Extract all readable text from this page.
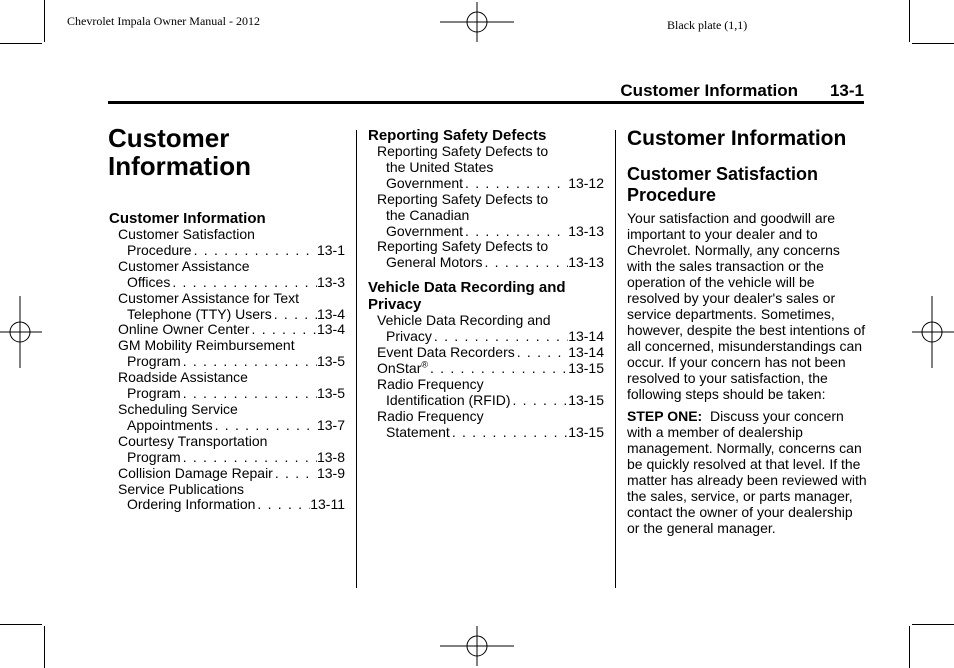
Chevrolet Impala Owner Manual - 2012	Black plate (1,1)
Customer Information 13-1
Customer
Information
Customer Information
Customer Satisfaction
Procedure . . .	13-1
Customer Assistance
Offices . . .	13-3
Customer Assistance for Text
Telephone (TTY) Users . . .	13-4
Online Owner Center . . .	13-4
GM Mobility Reimbursement
Program . . .	13-5
Roadside Assistance
Program . . .	13-5
Scheduling Service
Appointments . . .	13-7
Courtesy Transportation
Program . . .	13-8
Collision Damage Repair . . .	13-9
Service Publications
Ordering Information . . .	13-11
Reporting Safety Defects
Reporting Safety Defects to
the United States
Government . . .	13-12
Reporting Safety Defects to
the Canadian
Government . . .	13-13
Reporting Safety Defects to
General Motors . . .	13-13
Vehicle Data Recording and
Privacy
Vehicle Data Recording and
Privacy . . .	13-14
Event Data Recorders . . .	13-14
OnStar® . . .	13-15
Radio Frequency
Identification (RFID) . . .	13-15
Radio Frequency
Statement . . .	13-15
Customer Information
Customer Satisfaction
Procedure

Your satisfaction and goodwill are important to your dealer and to Chevrolet. Normally, any concerns with the sales transaction or the operation of the vehicle will be resolved by your dealer's sales or service departments. Sometimes, however, despite the best intentions of all concerned, misunderstandings can occur. If your concern has not been resolved to your satisfaction, the following steps should be taken:

STEP ONE: Discuss your concern with a member of dealership management. Normally, concerns can be quickly resolved at that level. If the matter has already been reviewed with the sales, service, or parts manager, contact the owner of your dealership or the general manager.
